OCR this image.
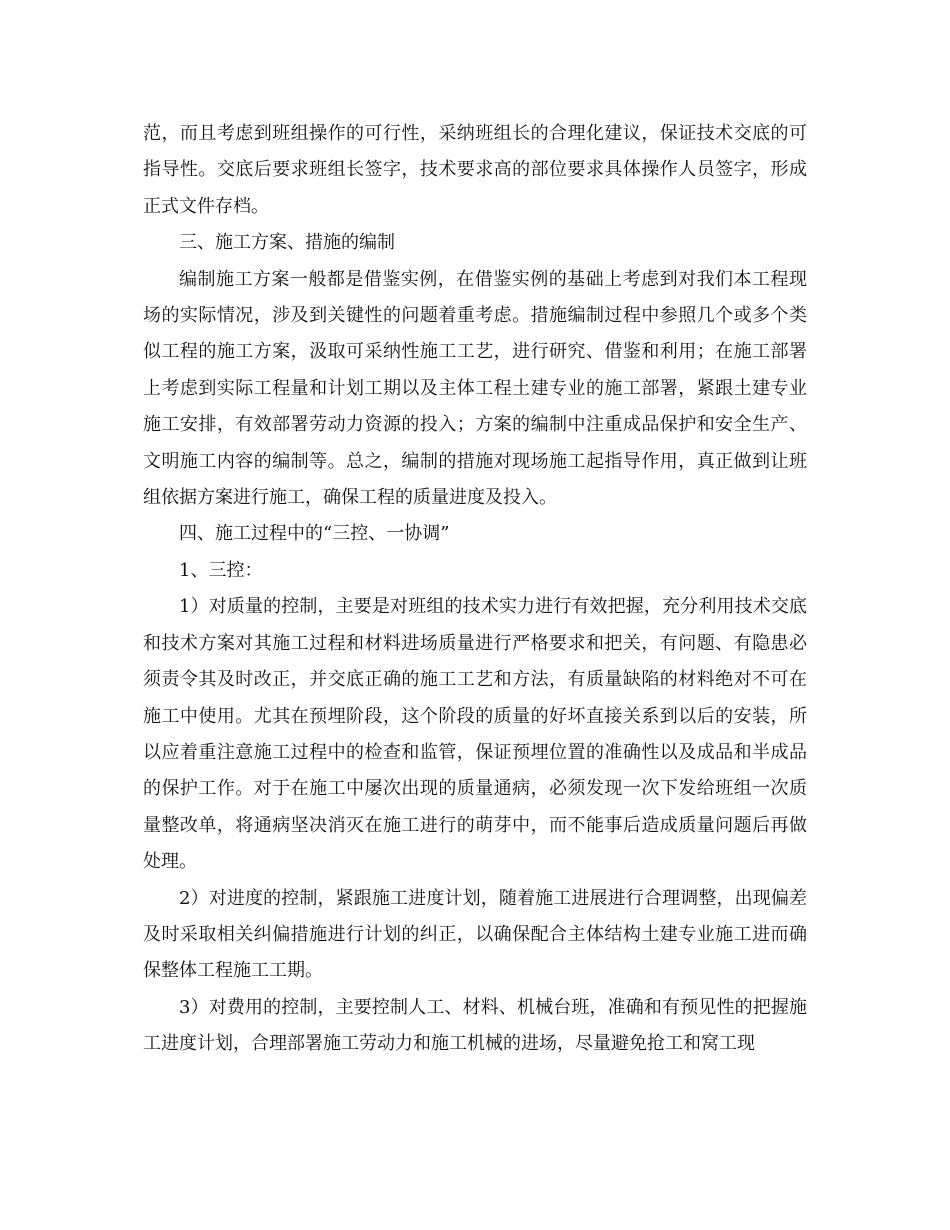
范，而且考虑到班组操作的可行性，采纳班组长的合理化建议，保证技术交底的可指导性。交底后要求班组长签字，技术要求高的部位要求具体操作人员签字，形成正式文件存档。

三、施工方案、措施的编制

编制施工方案一般都是借鉴实例，在借鉴实例的基础上考虑到对我们本工程现场的实际情况，涉及到关键性的问题着重考虑。措施编制过程中参照几个或多个类似工程的施工方案，汲取可采纳性施工工艺，进行研究、借鉴和利用；在施工部署上考虑到实际工程量和计划工期以及主体工程土建专业的施工部署，紧跟土建专业施工安排，有效部署劳动力资源的投入；方案的编制中注重成品保护和安全生产、文明施工内容的编制等。总之，编制的措施对现场施工起指导作用，真正做到让班组依据方案进行施工，确保工程的质量进度及投入。

四、施工过程中的“三控、一协调”

1、三控：

1）对质量的控制，主要是对班组的技术实力进行有效把握，充分利用技术交底和技术方案对其施工过程和材料进场质量进行严格要求和把关，有问题、有隐患必须责令其及时改正，并交底正确的施工工艺和方法，有质量缺陷的材料绝对不可在施工中使用。尤其在预埋阶段，这个阶段的质量的好坏直接关系到以后的安装，所以应着重注意施工过程中的检查和监管，保证预埋位置的准确性以及成品和半成品的保护工作。对于在施工中屡次出现的质量通病，必须发现一次下发给班组一次质量整改单，将通病坚决消灭在施工进行的萌芽中，而不能事后造成质量问题后再做处理。

2）对进度的控制，紧跟施工进度计划，随着施工进展进行合理调整，出现偏差及时采取相关纠偏措施进行计划的纠正，以确保配合主体结构土建专业施工进而确保整体工程施工工期。

3）对费用的控制，主要控制人工、材料、机械台班，准确和有预见性的把握施工进度计划，合理部署施工劳动力和施工机械的进场，尽量避免抢工和窝工现
